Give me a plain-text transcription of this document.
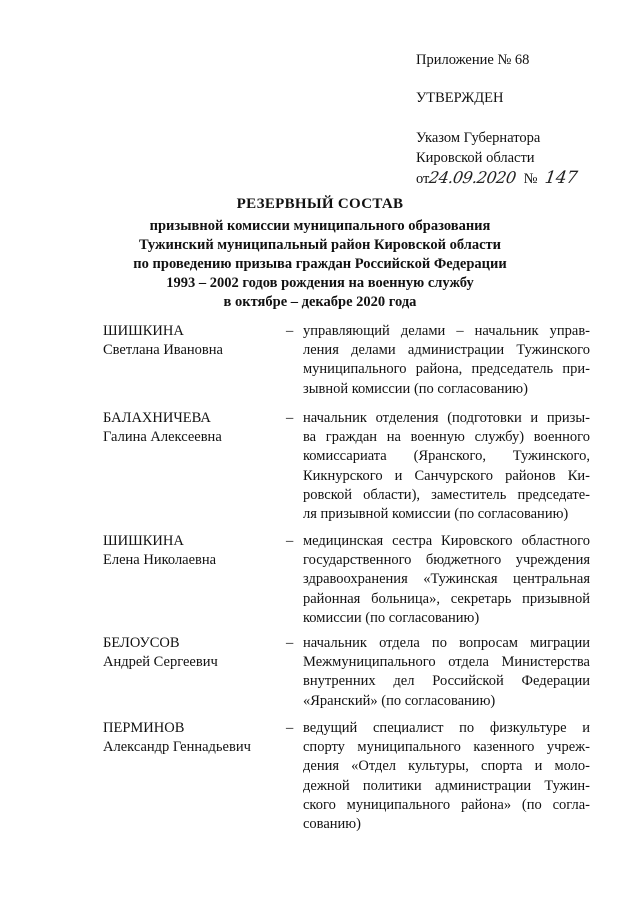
Приложение № 68
УТВЕРЖДЕН
Указом Губернатора
Кировской области
от24.09.2020 № 147
РЕЗЕРВНЫЙ СОСТАВ
призывной комиссии муниципального образования
Тужинский муниципальный район Кировской области
по проведению призыва граждан Российской Федерации
1993 – 2002 годов рождения на военную службу
в октябре – декабре 2020 года
ШИШКИНА
Светлана Ивановна
– управляющий делами – начальник управ-
ления делами администрации Тужинского
муниципального района, председатель при-
зывной комиссии (по согласованию)
БАЛАХНИЧЕВА
Галина Алексеевна
– начальник отделения (подготовки и призы-
ва граждан на военную службу) военного
комиссариата (Яранского, Тужинского,
Кикнурского и Санчурского районов Ки-
ровской области), заместитель председате-
ля призывной комиссии (по согласованию)
ШИШКИНА
Елена Николаевна
– медицинская сестра Кировского областного
государственного бюджетного учреждения
здравоохранения «Тужинская центральная
районная больница», секретарь призывной
комиссии (по согласованию)
БЕЛОУСОВ
Андрей Сергеевич
– начальник отдела по вопросам миграции
Межмуниципального отдела Министерства
внутренних дел Российской Федерации
«Яранский» (по согласованию)
ПЕРМИНОВ
Александр Геннадьевич
– ведущий специалист по физкультуре и
спорту муниципального казенного учреж-
дения «Отдел культуры, спорта и моло-
дежной политики администрации Тужин-
ского муниципального района» (по согла-
сованию)
